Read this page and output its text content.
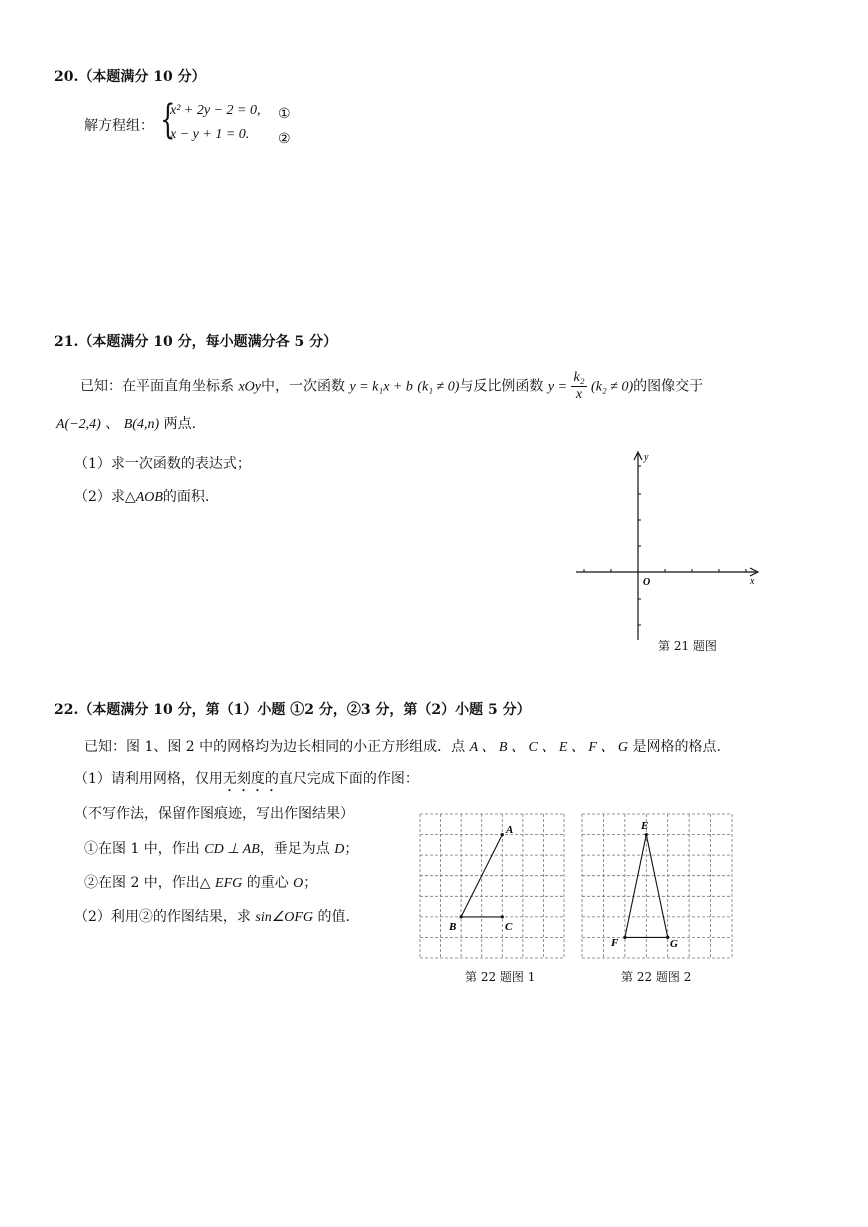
20.（本题满分 10 分）
解方程组： {
x² + 2y − 2 = 0,
x − y + 1 = 0.
①
②
21.（本题满分 10 分，每小题满分各 5 分）
已知：在平面直角坐标系 xOy中，一次函数 y = k₁x + b (k₁ ≠ 0)与反比例函数 $y = \frac{\text{k₂}}{x} (k_2 \ne 0)$的图像交于
A(−2,4) 、 B(4,n) 两点.
（1）求一次函数的表达式；
（2）求△AOB的面积.
y
x
O
第 21 题图
22.（本题满分 10 分，第（1）小题 ①2 分，②3 分，第（2）小题 5 分）
已知：图 1、图 2 中的网格均为边长相同的小正方形组成．点 A 、 B 、 C 、 E 、 F 、 G 是网格的格点.
（1）请利用网格，仅用无刻度的直尺完成下面的作图：
（不写作法，保留作图痕迹，写出作图结果）
①在图 1 中，作出 CD ⊥ AB，垂足为点 D；
②在图 2 中，作出△ EFG 的重心 O；
（2）利用②的作图结果，求 sin∠OFG 的值.
A
B	C
第 22 题图 1
E
F	G
第 22 题图 2
